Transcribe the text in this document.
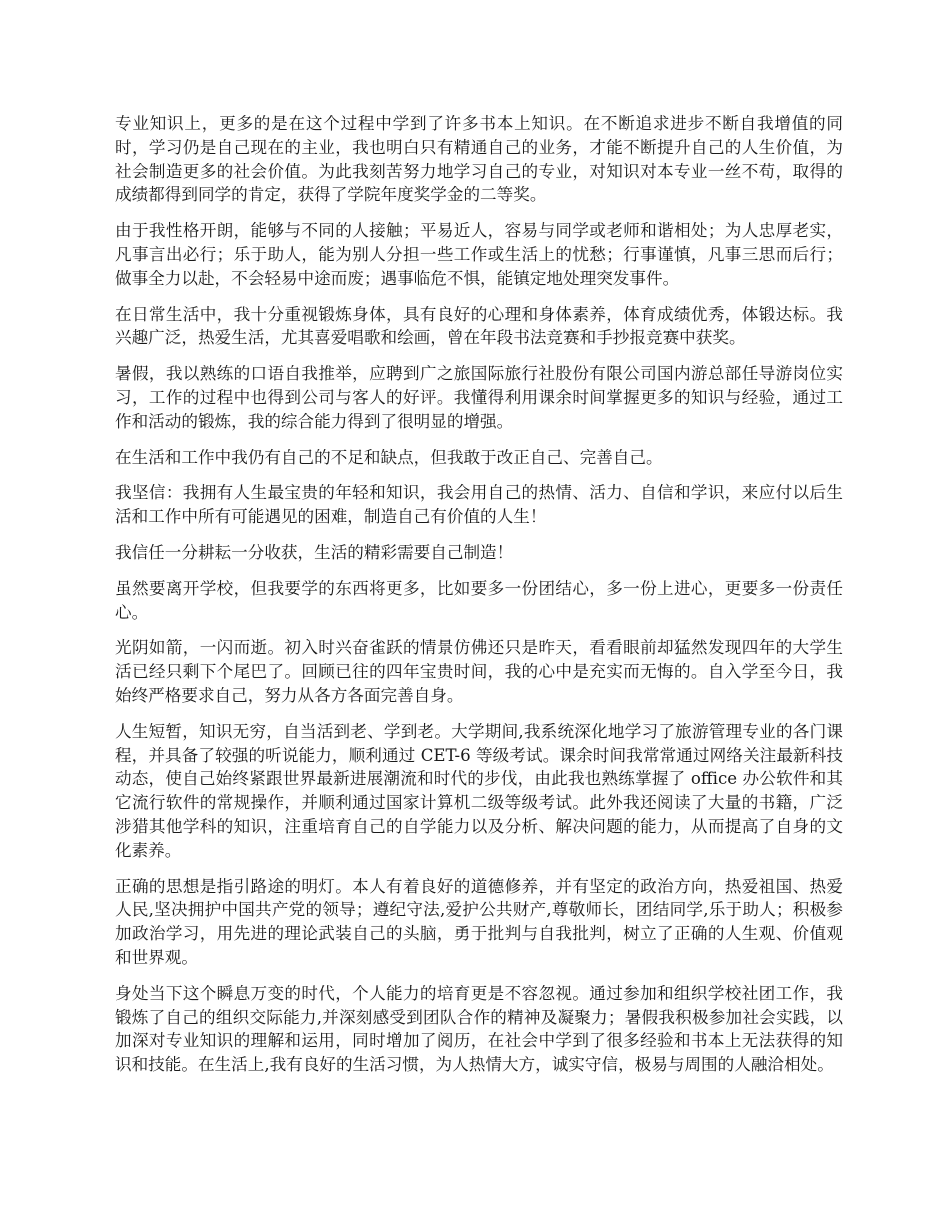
专业知识上，更多的是在这个过程中学到了许多书本上知识。在不断追求进步不断自我增值的同时，学习仍是自己现在的主业，我也明白只有精通自己的业务，才能不断提升自己的人生价值，为社会制造更多的社会价值。为此我刻苦努力地学习自己的专业，对知识对本专业一丝不苟，取得的成绩都得到同学的肯定，获得了学院年度奖学金的二等奖。

由于我性格开朗，能够与不同的人接触；平易近人，容易与同学或老师和谐相处；为人忠厚老实，凡事言出必行；乐于助人，能为别人分担一些工作或生活上的忧愁；行事谨慎，凡事三思而后行；做事全力以赴，不会轻易中途而废；遇事临危不惧，能镇定地处理突发事件。

在日常生活中，我十分重视锻炼身体，具有良好的心理和身体素养，体育成绩优秀，体锻达标。我兴趣广泛，热爱生活，尤其喜爱唱歌和绘画，曾在年段书法竞赛和手抄报竞赛中获奖。

暑假，我以熟练的口语自我推举，应聘到广之旅国际旅行社股份有限公司国内游总部任导游岗位实习，工作的过程中也得到公司与客人的好评。我懂得利用课余时间掌握更多的知识与经验，通过工作和活动的锻炼，我的综合能力得到了很明显的增强。

在生活和工作中我仍有自己的不足和缺点，但我敢于改正自己、完善自己。

我坚信：我拥有人生最宝贵的年轻和知识，我会用自己的热情、活力、自信和学识，来应付以后生活和工作中所有可能遇见的困难，制造自己有价值的人生！

我信任一分耕耘一分收获，生活的精彩需要自己制造！

虽然要离开学校，但我要学的东西将更多，比如要多一份团结心，多一份上进心，更要多一份责任心。

光阴如箭，一闪而逝。初入时兴奋雀跃的情景仿佛还只是昨天，看看眼前却猛然发现四年的大学生活已经只剩下个尾巴了。回顾已往的四年宝贵时间，我的心中是充实而无悔的。自入学至今日，我始终严格要求自己，努力从各方各面完善自身。

人生短暂，知识无穷，自当活到老、学到老。大学期间,我系统深化地学习了旅游管理专业的各门课程，并具备了较强的听说能力，顺利通过 CET-6 等级考试。课余时间我常常通过网络关注最新科技动态，使自己始终紧跟世界最新进展潮流和时代的步伐，由此我也熟练掌握了 office 办公软件和其它流行软件的常规操作，并顺利通过国家计算机二级等级考试。此外我还阅读了大量的书籍，广泛涉猎其他学科的知识，注重培育自己的自学能力以及分析、解决问题的能力，从而提高了自身的文化素养。

正确的思想是指引路途的明灯。本人有着良好的道德修养，并有坚定的政治方向，热爱祖国、热爱人民,坚决拥护中国共产党的领导；遵纪守法,爱护公共财产,尊敬师长，团结同学,乐于助人；积极参加政治学习，用先进的理论武装自己的头脑，勇于批判与自我批判，树立了正确的人生观、价值观和世界观。

身处当下这个瞬息万变的时代，个人能力的培育更是不容忽视。通过参加和组织学校社团工作，我锻炼了自己的组织交际能力,并深刻感受到团队合作的精神及凝聚力；暑假我积极参加社会实践，以加深对专业知识的理解和运用，同时增加了阅历，在社会中学到了很多经验和书本上无法获得的知识和技能。在生活上,我有良好的生活习惯，为人热情大方，诚实守信，极易与周围的人融洽相处。
